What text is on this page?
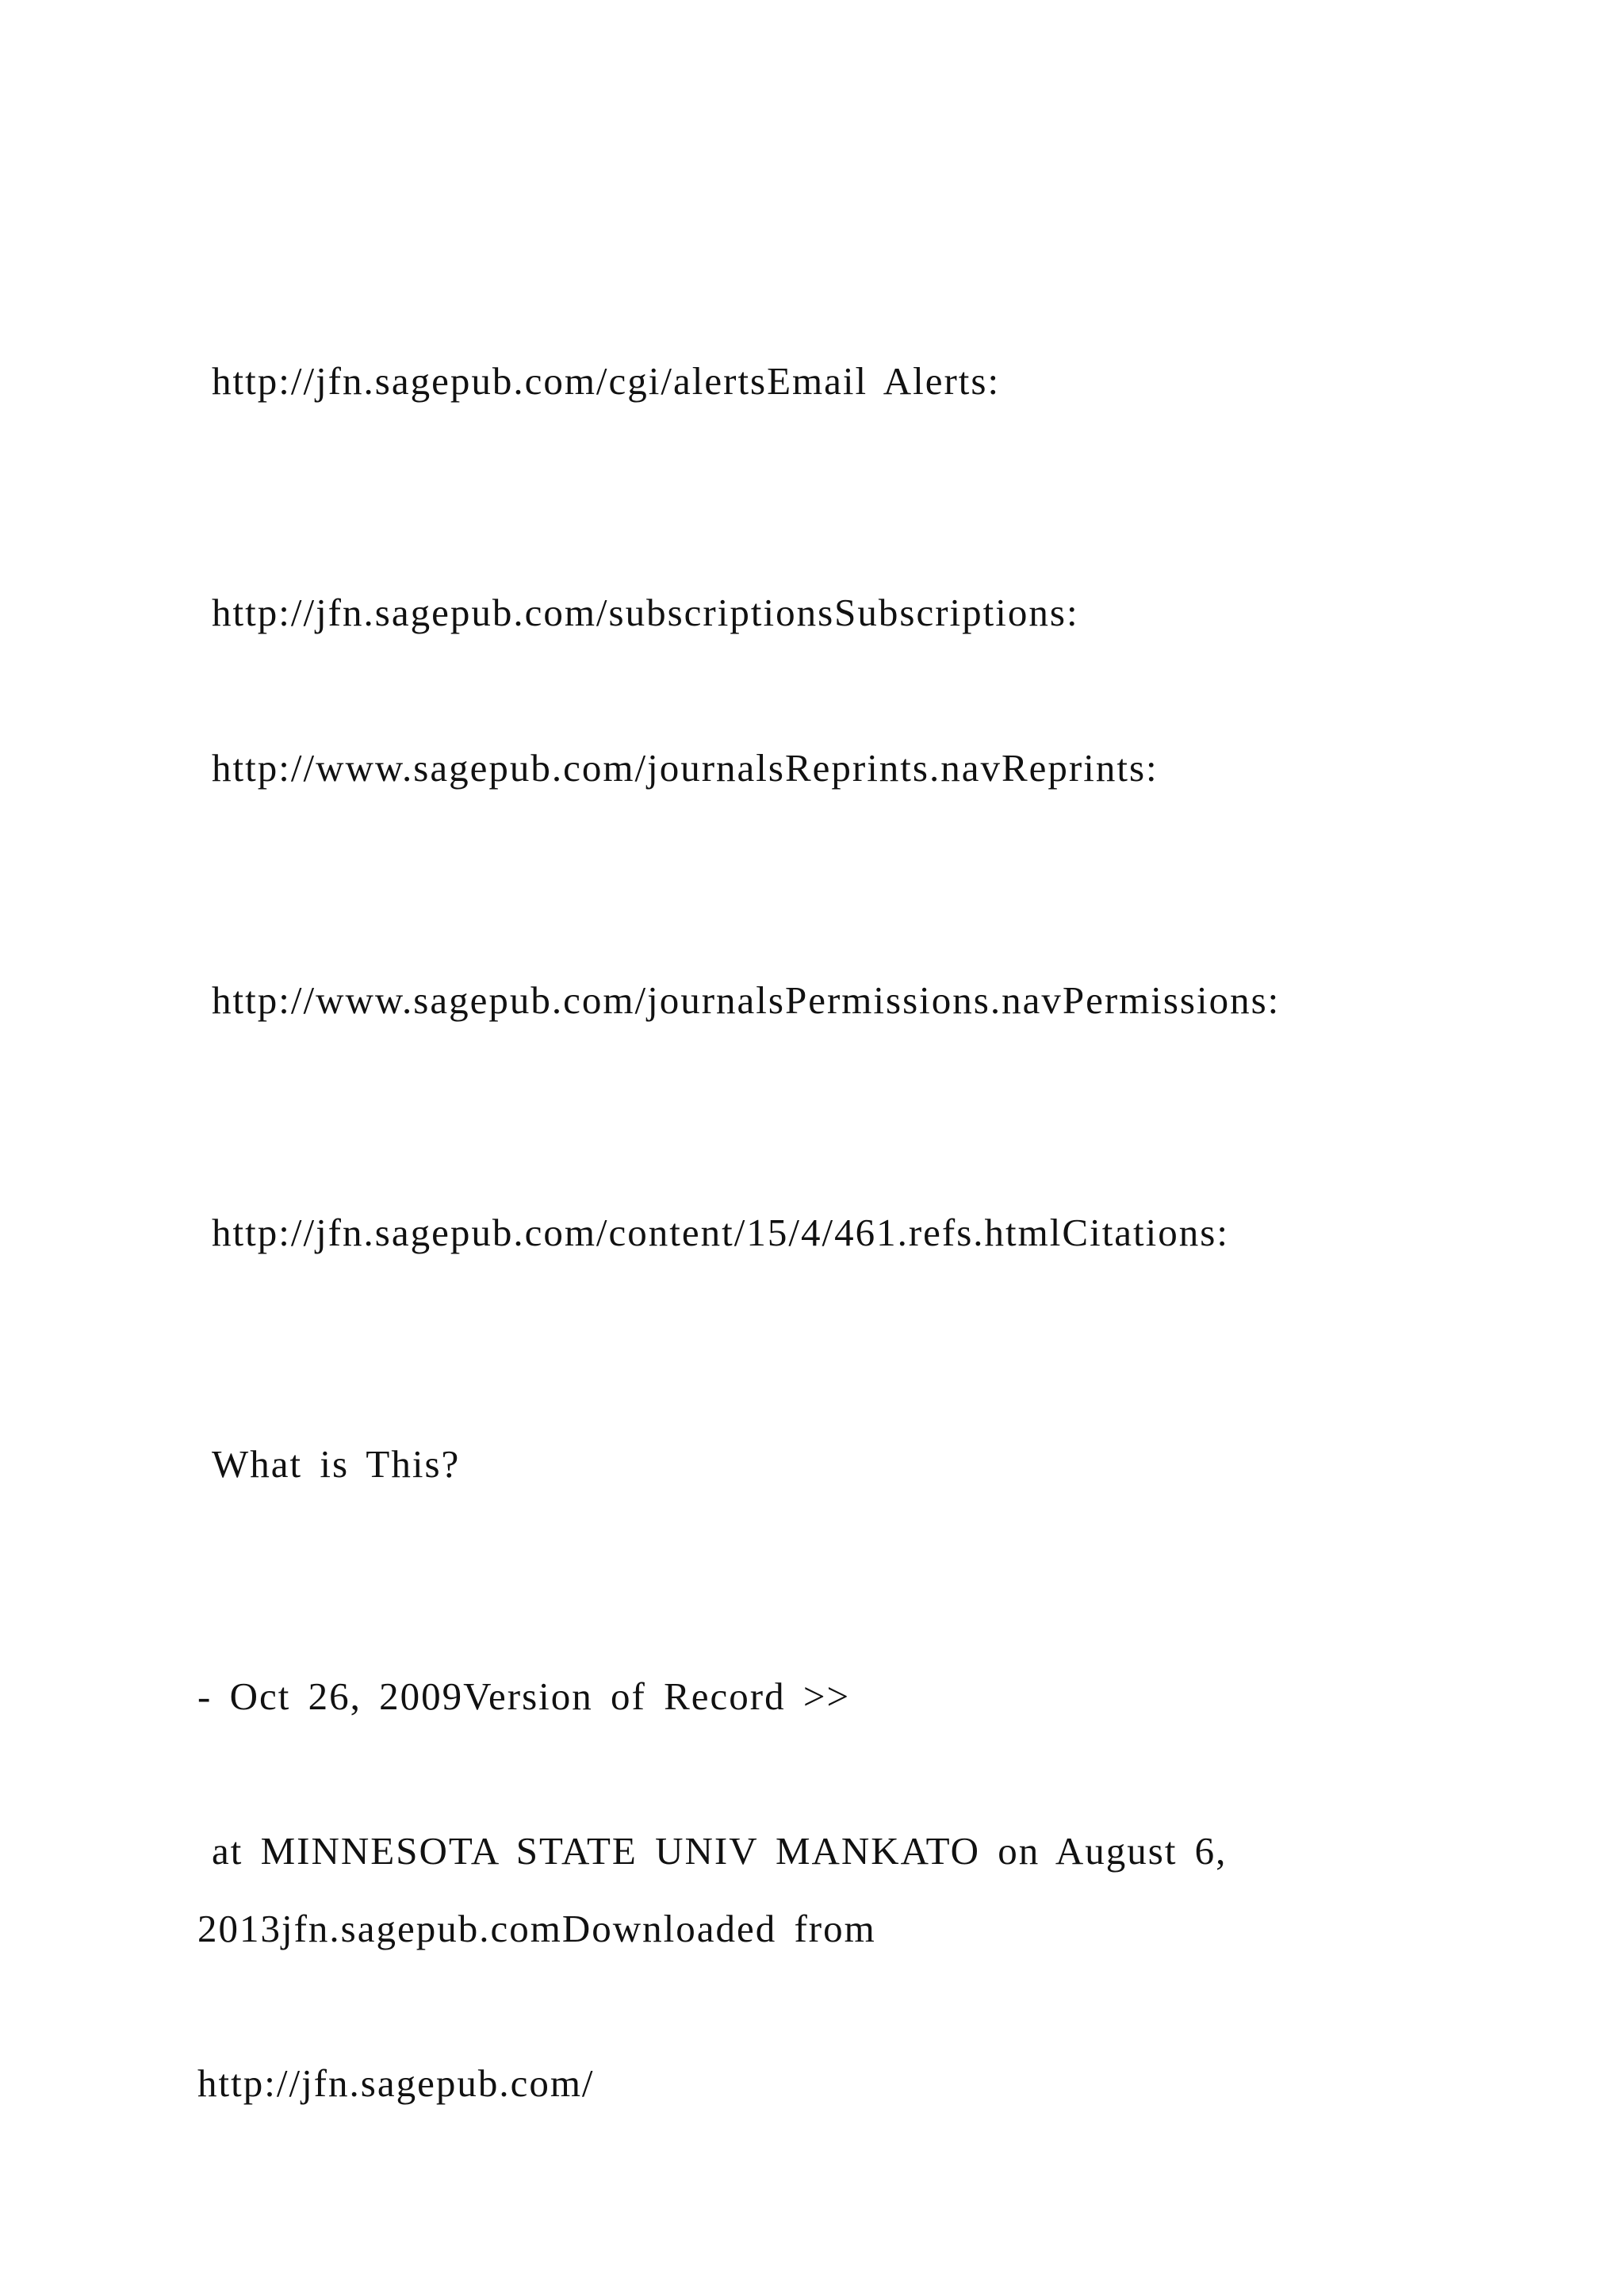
http://jfn.sagepub.com/cgi/alertsEmail Alerts:
http://jfn.sagepub.com/subscriptionsSubscriptions:
http://www.sagepub.com/journalsReprints.navReprints:
http://www.sagepub.com/journalsPermissions.navPermissions:
http://jfn.sagepub.com/content/15/4/461.refs.htmlCitations:
What is This?
- Oct 26, 2009Version of Record >>
at MINNESOTA STATE UNIV MANKATO on August 6,
2013jfn.sagepub.comDownloaded from
http://jfn.sagepub.com/
